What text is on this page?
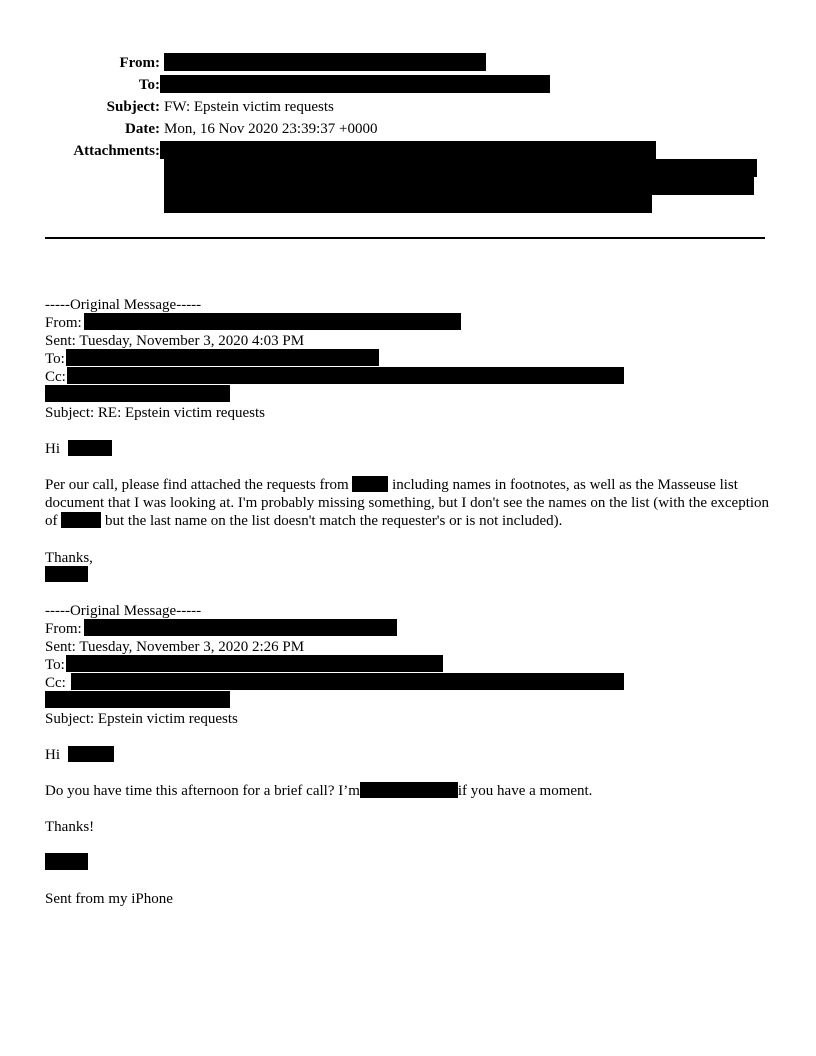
From:
To:
Subject: FW: Epstein victim requests
Date: Mon, 16 Nov 2020 23:39:37 +0000
Attachments:
-----Original Message-----
From:
Sent: Tuesday, November 3, 2020 4:03 PM
To:
Cc:
Subject: RE: Epstein victim requests
Hi
Per our call, please find attached the requests from	including names in footnotes, as well as the Masseuse list document that I was looking at. I'm probably missing something, but I don't see the names on the list (with the exception of	but the last name on the list doesn't match the requester's or is not included).
Thanks,
-----Original Message-----
From:
Sent: Tuesday, November 3, 2020 2:26 PM
To:
Cc:
Subject: Epstein victim requests
Hi
Do you have time this afternoon for a brief call? I’m	if you have a moment.
Thanks!
Sent from my iPhone
